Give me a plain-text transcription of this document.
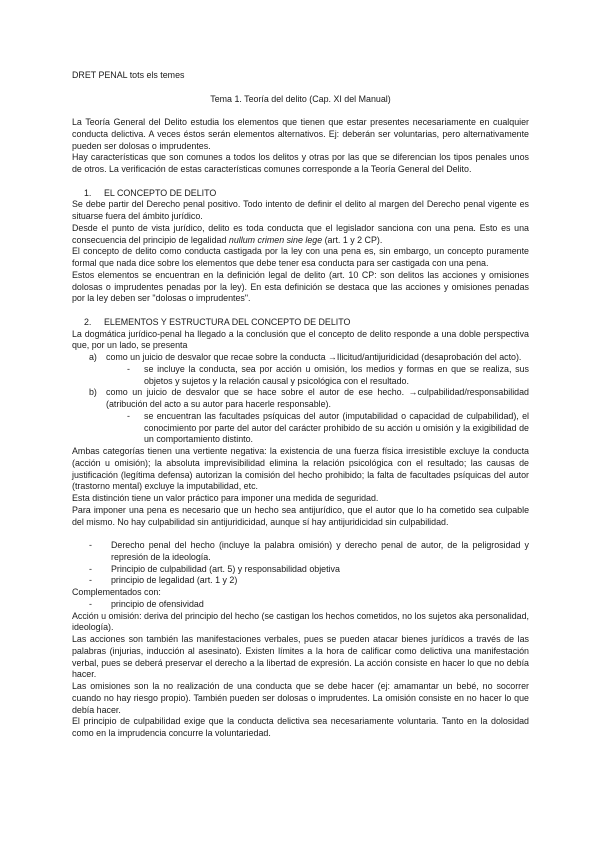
DRET PENAL tots els temes

Tema 1. Teoría del delito (Cap. XI del Manual)

La Teoría General del Delito estudia los elementos que tienen que estar presentes necesariamente en cualquier conducta delictiva. A veces éstos serán elementos alternativos. Ej: deberán ser voluntarias, pero alternativamente pueden ser dolosas o imprudentes.

Hay características que son comunes a todos los delitos y otras por las que se diferencian los tipos penales unos de otros. La verificación de estas características comunes corresponde a la Teoría General del Delito.

1. EL CONCEPTO DE DELITO

Se debe partir del Derecho penal positivo. Todo intento de definir el delito al margen del Derecho penal vigente es situarse fuera del ámbito jurídico.

Desde el punto de vista jurídico, delito es toda conducta que el legislador sanciona con una pena. Esto es una consecuencia del principio de legalidad nullum crimen sine lege (art. 1 y 2 CP).

El concepto de delito como conducta castigada por la ley con una pena es, sin embargo, un concepto puramente formal que nada dice sobre los elementos que debe tener esa conducta para ser castigada con una pena.

Estos elementos se encuentran en la definición legal de delito (art. 10 CP: son delitos las acciones y omisiones dolosas o imprudentes penadas por la ley). En esta definición se destaca que las acciones y omisiones penadas por la ley deben ser "dolosas o imprudentes".

2. ELEMENTOS Y ESTRUCTURA DEL CONCEPTO DE DELITO

La dogmática jurídico-penal ha llegado a la conclusión que el concepto de delito responde a una doble perspectiva que, por un lado, se presenta

a)	como un juicio de desvalor que recae sobre la conducta →Ilicitud/antijuridicidad (desaprobación del acto).
-	se incluye la conducta, sea por acción u omisión, los medios y formas en que se realiza, sus objetos y sujetos y la relación causal y psicológica con el resultado.
b)	como un juicio de desvalor que se hace sobre el autor de ese hecho. →culpabilidad/responsabilidad (atribución del acto a su autor para hacerle responsable).
-	se encuentran las facultades psíquicas del autor (imputabilidad o capacidad de culpabilidad), el conocimiento por parte del autor del carácter prohibido de su acción u omisión y la exigibilidad de un comportamiento distinto.

Ambas categorías tienen una vertiente negativa: la existencia de una fuerza física irresistible excluye la conducta (acción u omisión); la absoluta imprevisibilidad elimina la relación psicológica con el resultado; las causas de justificación (legítima defensa) autorizan la comisión del hecho prohibido; la falta de facultades psíquicas del autor (trastorno mental) excluye la imputabilidad, etc.

Esta distinción tiene un valor práctico para imponer una medida de seguridad.

Para imponer una pena es necesario que un hecho sea antijurídico, que el autor que lo ha cometido sea culpable del mismo. No hay culpabilidad sin antijuridicidad, aunque sí hay antijuridicidad sin culpabilidad.

-	Derecho penal del hecho (incluye la palabra omisión) y derecho penal de autor, de la peligrosidad y represión de la ideología.
-	Principio de culpabilidad (art. 5) y responsabilidad objetiva
-	principio de legalidad (art. 1 y 2)

Complementados con:

-	principio de ofensividad

Acción u omisión: deriva del principio del hecho (se castigan los hechos cometidos, no los sujetos aka personalidad, ideología).

Las acciones son también las manifestaciones verbales, pues se pueden atacar bienes jurídicos a través de las palabras (injurias, inducción al asesinato). Existen límites a la hora de calificar como delictiva una manifestación verbal, pues se deberá preservar el derecho a la libertad de expresión. La acción consiste en hacer lo que no debía hacer.

Las omisiones son la no realización de una conducta que se debe hacer (ej: amamantar un bebé, no socorrer cuando no hay riesgo propio). También pueden ser dolosas o imprudentes. La omisión consiste en no hacer lo que debía hacer.

El principio de culpabilidad exige que la conducta delictiva sea necesariamente voluntaria. Tanto en la dolosidad como en la imprudencia concurre la voluntariedad.
